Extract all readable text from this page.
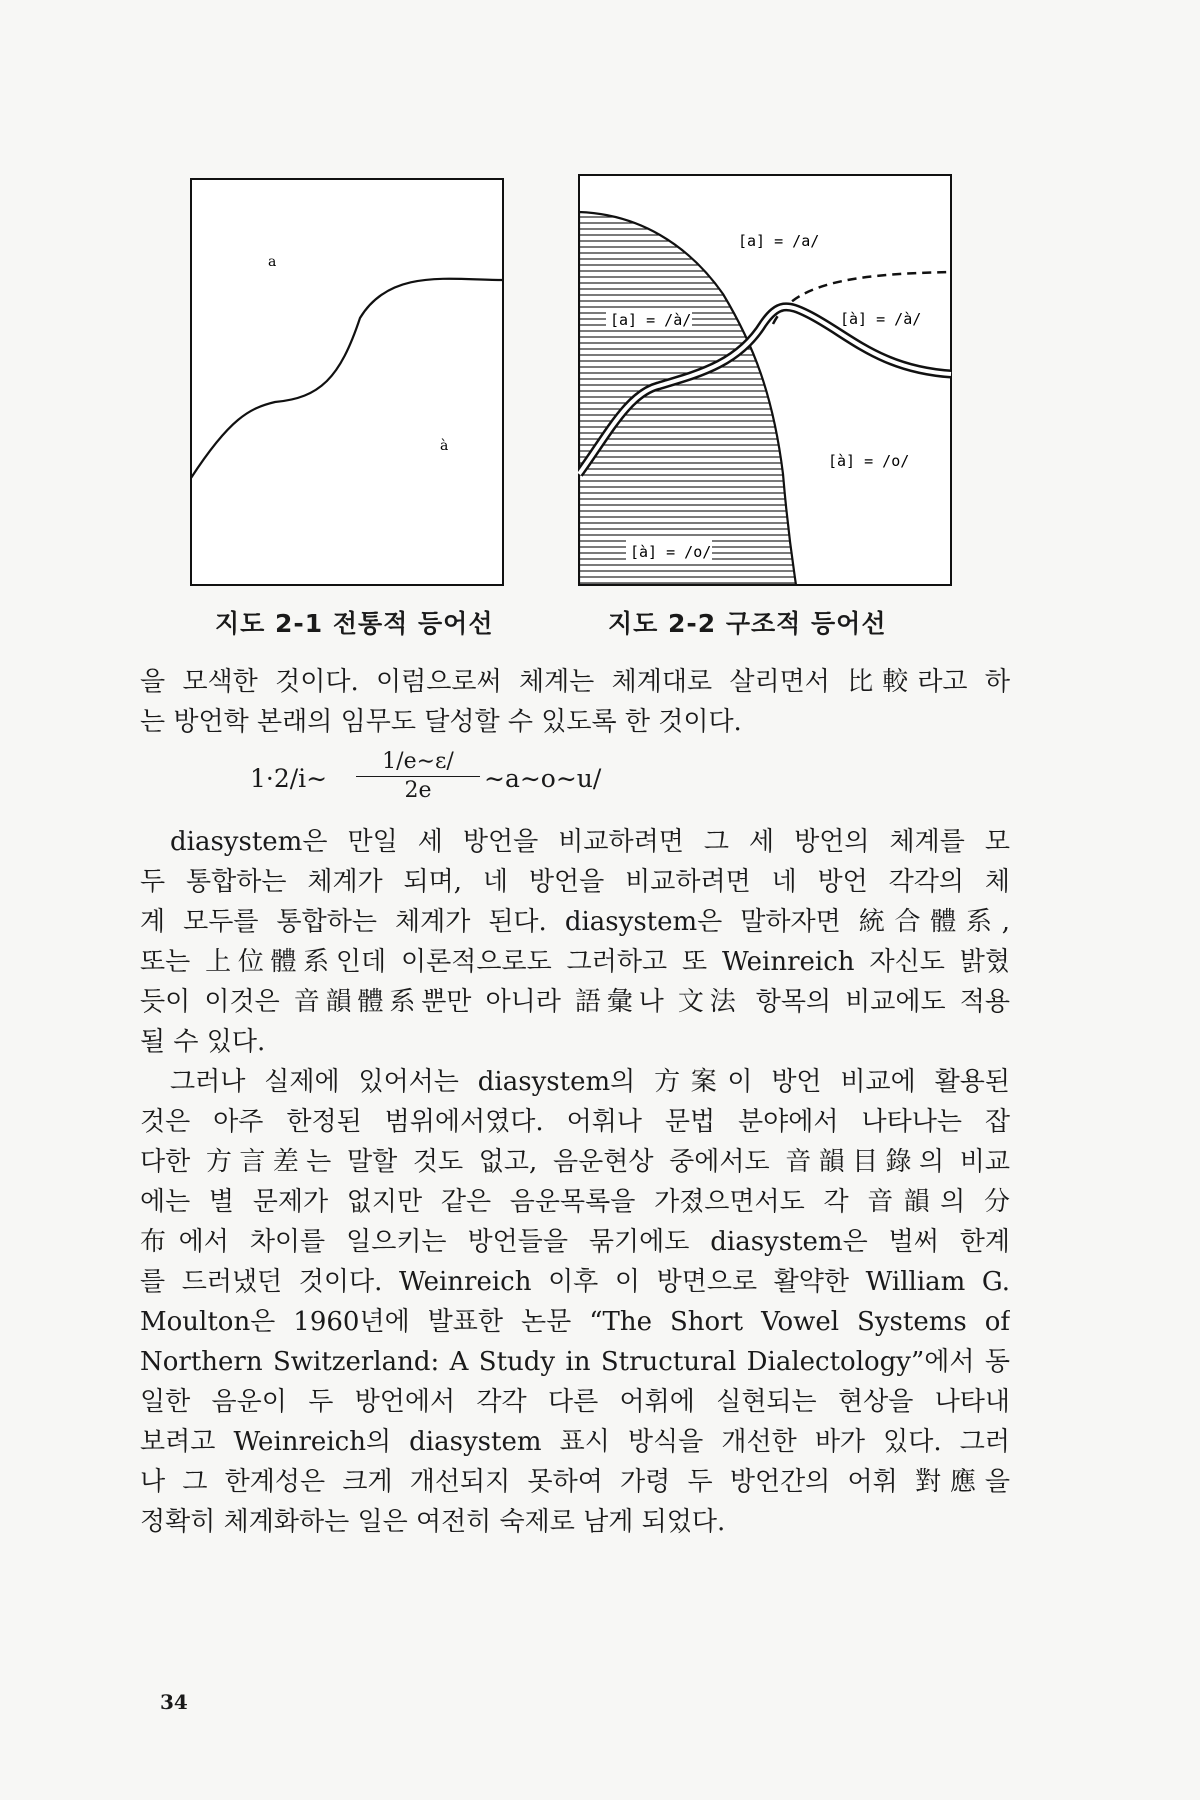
a
à
[a] = /a/
[a] = /à/	[à] = /à/
[à] = /o/
[à] = /o/
지도 2-1 전통적 등어선	지도 2-2 구조적 등어선
을 모색한 것이다. 이럼으로써 체계는 체계대로 살리면서 比較라고 하
는 방언학 본래의 임무도 달성할 수 있도록 한 것이다.
1·2/i∼
1/e∼ε/
2e	∼a∼o∼u/
diasystem은 만일 세 방언을 비교하려면 그 세 방언의 체계를 모
두 통합하는 체계가 되며, 네 방언을 비교하려면 네 방언 각각의 체
계 모두를 통합하는 체계가 된다. diasystem은 말하자면 統合體系,
또는 上位體系인데 이론적으로도 그러하고 또 Weinreich 자신도 밝혔
듯이 이것은 音韻體系뿐만 아니라 語彙나 文法 항목의 비교에도 적용
될 수 있다.
그러나 실제에 있어서는 diasystem의 方案이 방언 비교에 활용된
것은 아주 한정된 범위에서였다. 어휘나 문법 분야에서 나타나는 잡
다한 方言差는 말할 것도 없고, 음운현상 중에서도 音韻目錄의 비교
에는 별 문제가 없지만 같은 음운목록을 가졌으면서도 각 音韻의 分
布에서 차이를 일으키는 방언들을 묶기에도 diasystem은 벌써 한계
를 드러냈던 것이다. Weinreich 이후 이 방면으로 활약한 William G.
Moulton은 1960년에 발표한 논문 “The Short Vowel Systems of
Northern Switzerland: A Study in Structural Dialectology”에서 동
일한 음운이 두 방언에서 각각 다른 어휘에 실현되는 현상을 나타내
보려고 Weinreich의 diasystem 표시 방식을 개선한 바가 있다. 그러
나 그 한계성은 크게 개선되지 못하여 가령 두 방언간의 어휘 對應을
정확히 체계화하는 일은 여전히 숙제로 남게 되었다.
34
